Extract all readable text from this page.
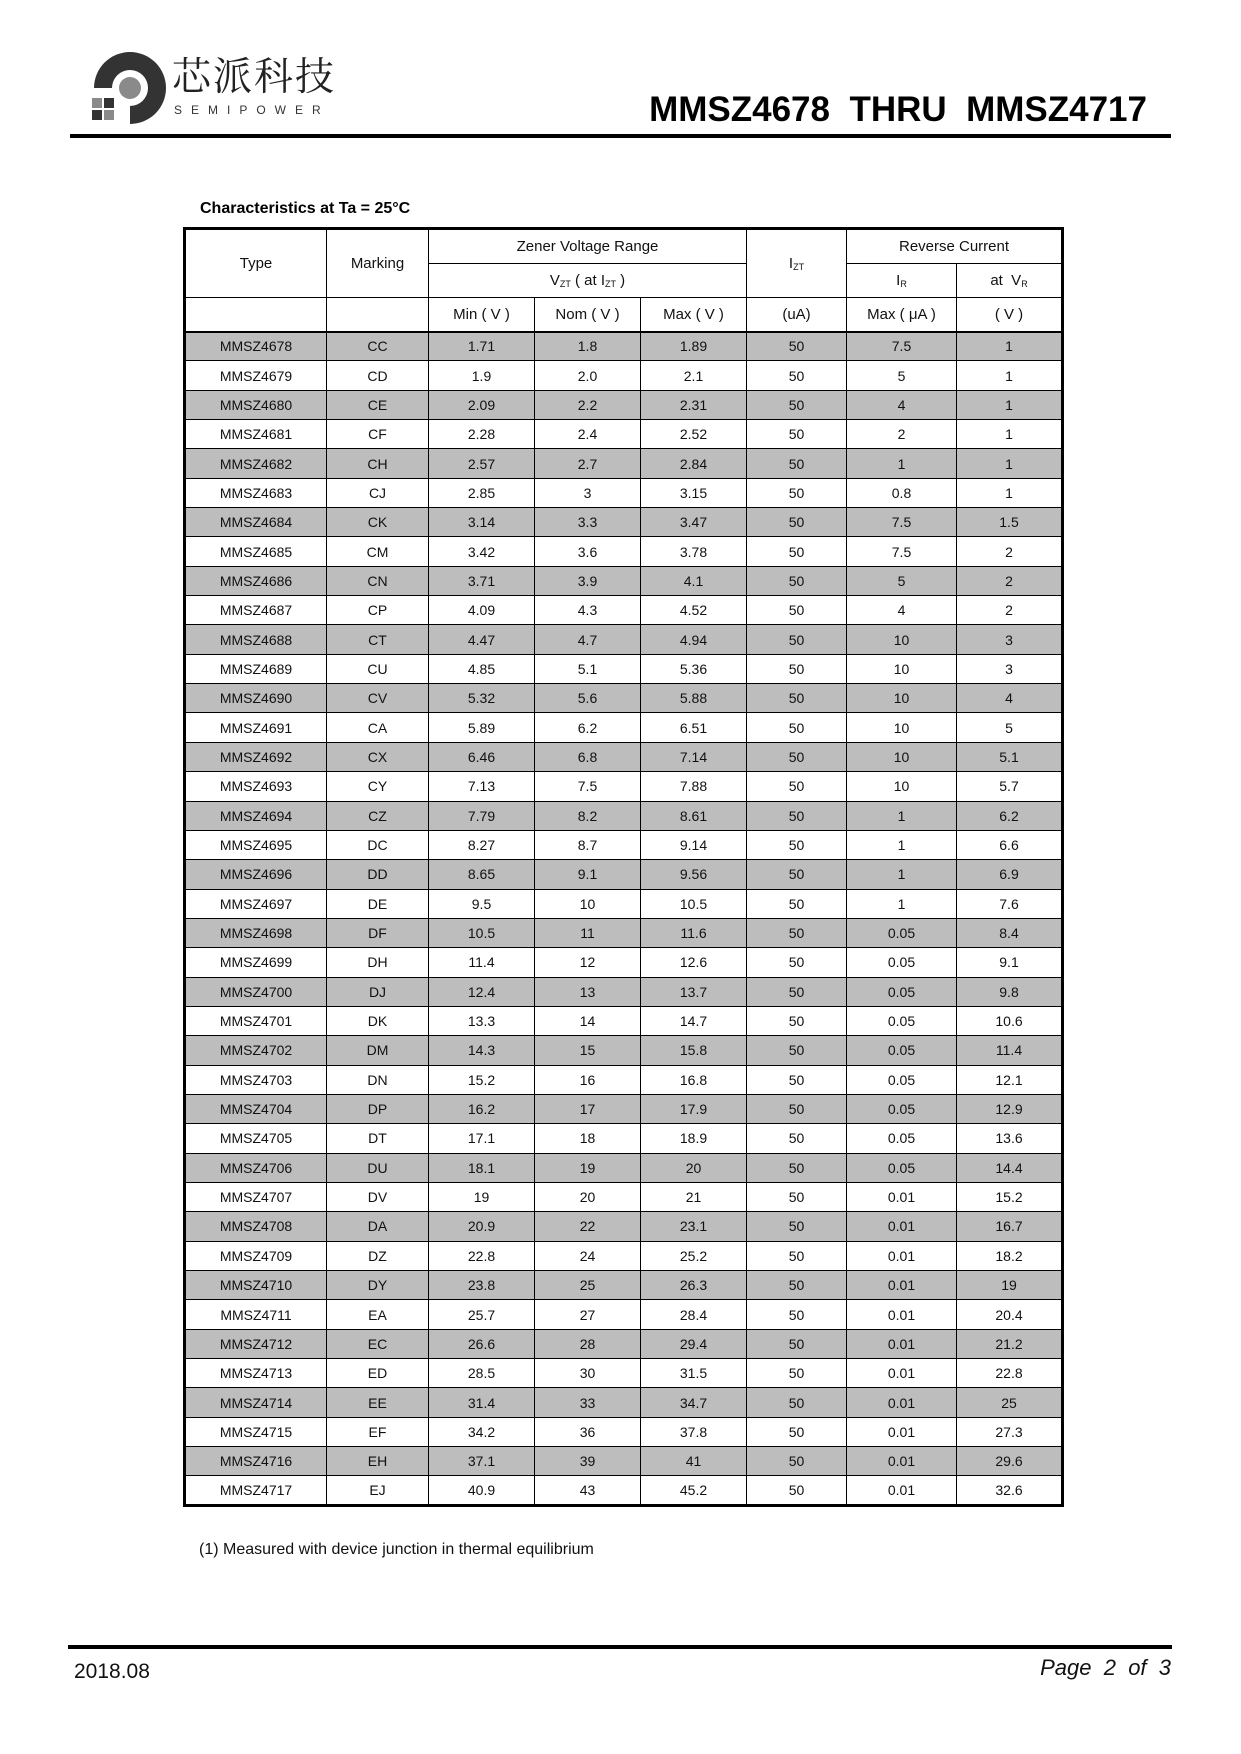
芯派科技
SEMIPOWER	MMSZ4678  THRU  MMSZ4717
Characteristics at Ta = 25°C
Type	Marking	Zener Voltage Range			$I_{ZT}$	Reverse Current	
		$V_{ZT}$ ( at $I_{ZT}$ )				$I_R$	at  $V_R$
		Min ( V )	Nom ( V )	Max ( V )	(uA)	Max ( μA )	( V )
MMSZ4678	CC	1.71	1.8	1.89	50	7.5	1
MMSZ4679	CD	1.9	2.0	2.1	50	5	1
MMSZ4680	CE	2.09	2.2	2.31	50	4	1
MMSZ4681	CF	2.28	2.4	2.52	50	2	1
MMSZ4682	CH	2.57	2.7	2.84	50	1	1
MMSZ4683	CJ	2.85	3	3.15	50	0.8	1
MMSZ4684	CK	3.14	3.3	3.47	50	7.5	1.5
MMSZ4685	CM	3.42	3.6	3.78	50	7.5	2
MMSZ4686	CN	3.71	3.9	4.1	50	5	2
MMSZ4687	CP	4.09	4.3	4.52	50	4	2
MMSZ4688	CT	4.47	4.7	4.94	50	10	3
MMSZ4689	CU	4.85	5.1	5.36	50	10	3
MMSZ4690	CV	5.32	5.6	5.88	50	10	4
MMSZ4691	CA	5.89	6.2	6.51	50	10	5
MMSZ4692	CX	6.46	6.8	7.14	50	10	5.1
MMSZ4693	CY	7.13	7.5	7.88	50	10	5.7
MMSZ4694	CZ	7.79	8.2	8.61	50	1	6.2
MMSZ4695	DC	8.27	8.7	9.14	50	1	6.6
MMSZ4696	DD	8.65	9.1	9.56	50	1	6.9
MMSZ4697	DE	9.5	10	10.5	50	1	7.6
MMSZ4698	DF	10.5	11	11.6	50	0.05	8.4
MMSZ4699	DH	11.4	12	12.6	50	0.05	9.1
MMSZ4700	DJ	12.4	13	13.7	50	0.05	9.8
MMSZ4701	DK	13.3	14	14.7	50	0.05	10.6
MMSZ4702	DM	14.3	15	15.8	50	0.05	11.4
MMSZ4703	DN	15.2	16	16.8	50	0.05	12.1
MMSZ4704	DP	16.2	17	17.9	50	0.05	12.9
MMSZ4705	DT	17.1	18	18.9	50	0.05	13.6
MMSZ4706	DU	18.1	19	20	50	0.05	14.4
MMSZ4707	DV	19	20	21	50	0.01	15.2
MMSZ4708	DA	20.9	22	23.1	50	0.01	16.7
MMSZ4709	DZ	22.8	24	25.2	50	0.01	18.2
MMSZ4710	DY	23.8	25	26.3	50	0.01	19
MMSZ4711	EA	25.7	27	28.4	50	0.01	20.4
MMSZ4712	EC	26.6	28	29.4	50	0.01	21.2
MMSZ4713	ED	28.5	30	31.5	50	0.01	22.8
MMSZ4714	EE	31.4	33	34.7	50	0.01	25
MMSZ4715	EF	34.2	36	37.8	50	0.01	27.3
MMSZ4716	EH	37.1	39	41	50	0.01	29.6
MMSZ4717	EJ	40.9	43	45.2	50	0.01	32.6
(1) Measured with device junction in thermal equilibrium
2018.08	Page  2  of  3
